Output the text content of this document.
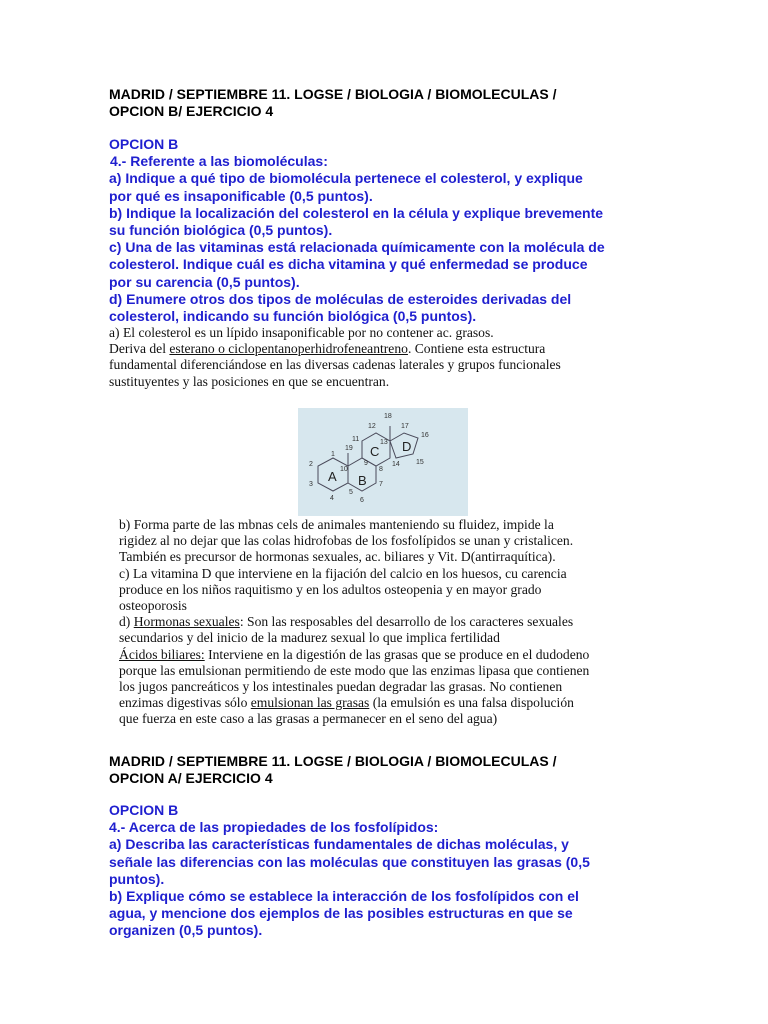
MADRID / SEPTIEMBRE 11. LOGSE / BIOLOGIA / BIOMOLECULAS /
OPCION B/ EJERCICIO 4
OPCION B
4.- Referente a las biomoléculas:
a) Indique a qué tipo de biomolécula pertenece el colesterol, y explique
por qué es insaponificable (0,5 puntos).
b) Indique la localización del colesterol en la célula y explique brevemente
su función biológica (0,5 puntos).
c) Una de las vitaminas está relacionada químicamente con la molécula de
colesterol. Indique cuál es dicha vitamina y qué enfermedad se produce
por su carencia (0,5 puntos).
d) Enumere otros dos tipos de moléculas de esteroides derivadas del
colesterol, indicando su función biológica (0,5 puntos).
a) El colesterol es un lípido insaponificable por no contener ac. grasos.
Deriva del esterano o ciclopentanoperhidrofeneantreno. Contiene esta estructura
fundamental diferenciándose en las diversas cadenas laterales y grupos funcionales
sustituyentes y las posiciones en que se encuentran.
A B
C D
1
2
3
4
5
6
7
8
9
10
11
12
13
14 15
16
17
18
19
b) Forma parte de las mbnas cels de animales manteniendo su fluidez, impide la
rigidez al no dejar que las colas hidrofobas de los fosfolípidos se unan y cristalicen.
También es precursor de hormonas sexuales, ac. biliares y Vit. D(antirraquítica).
c) La vitamina D que interviene en la fijación del calcio en los huesos, cu carencia
produce en los niños raquitismo y en los adultos osteopenia y en mayor grado
osteoporosis
d) Hormonas sexuales: Son las resposables del desarrollo de los caracteres sexuales
secundarios y del inicio de la madurez sexual lo que implica fertilidad
Ácidos biliares: Interviene en la digestión de las grasas que se produce en el dudodeno
porque las emulsionan permitiendo de este modo que las enzimas lipasa que contienen
los jugos pancreáticos y los intestinales puedan degradar las grasas. No contienen
enzimas digestivas sólo emulsionan las grasas (la emulsión es una falsa dispolución
que fuerza en este caso a las grasas a permanecer en el seno del agua)
MADRID / SEPTIEMBRE 11. LOGSE / BIOLOGIA / BIOMOLECULAS /
OPCION A/ EJERCICIO 4
OPCION B
4.- Acerca de las propiedades de los fosfolípidos:
a) Describa las características fundamentales de dichas moléculas, y
señale las diferencias con las moléculas que constituyen las grasas (0,5
puntos).
b) Explique cómo se establece la interacción de los fosfolípidos con el
agua, y mencione dos ejemplos de las posibles estructuras en que se
organizen (0,5 puntos).
